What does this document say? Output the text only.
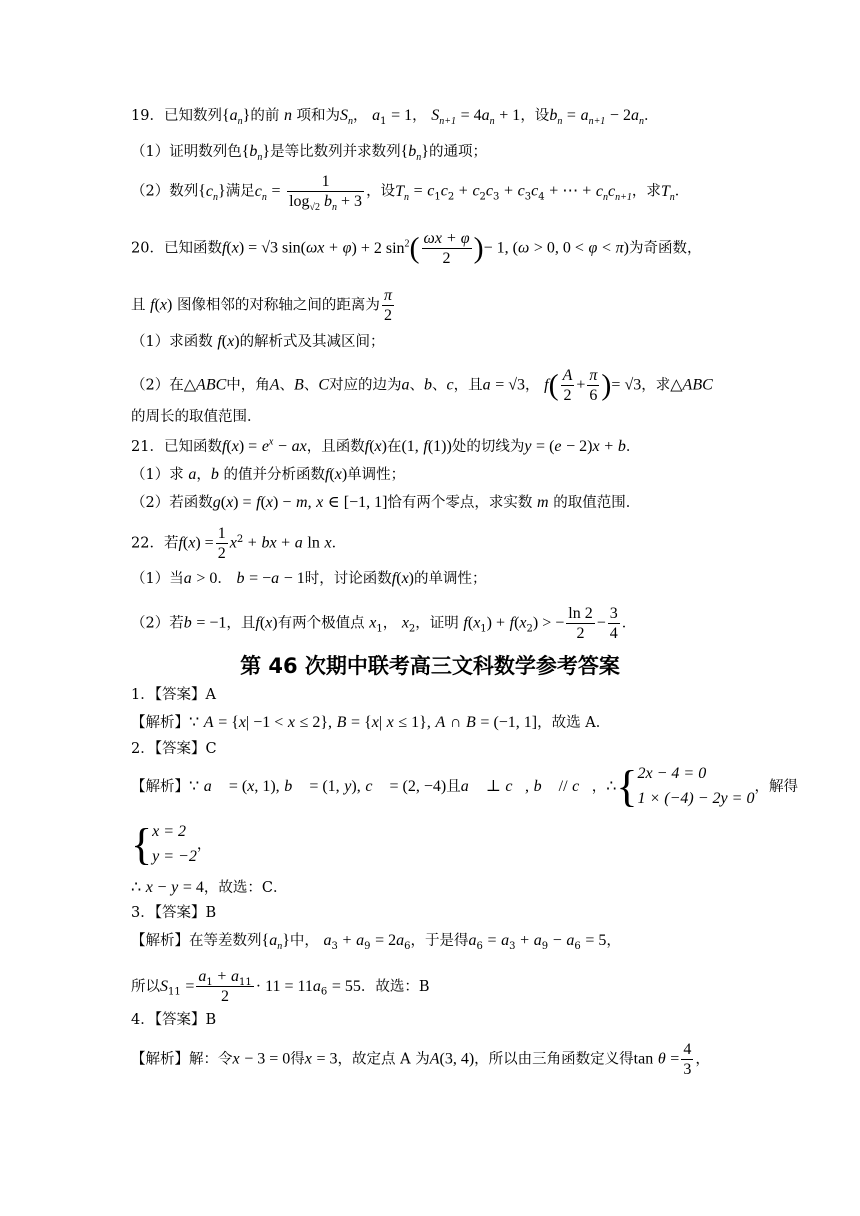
19．已知数列$\{a_n\}$的前 n 项和为$S_n$， $a_1 = 1$， $S_{n+1} = 4a_n + 1$，设$b_n = a_{n+1} - 2a_n$．
（1）证明数列色$\{b_n\}$是等比数列并求数列$\{b_n\}$的通项；
（2）数列$\{c_n\}$满足$c_n = \frac{1}{\log_{√2} b_n + 3}$ ，设$T_n = c_1c_2 + c_2c_3 + c_3c_4$ + ⋯ + $c_nc_{n+1}$，求$T_n$．
20．已知函数f(x) = √3 sin(ωx + φ) + 2 $\sin^2( \frac{\omega x + \varphi}{2}$ )− 1, (ω > 0, 0 < φ < π)为奇函数，
且 f(x) 图像相邻的对称轴之间的距离为 $\frac{\pi}{2}$
（1）求函数 f(x)的解析式及其减区间；
（2）在△ABC中，角A、B、C对应的边为a、b、c，且a = √3， $f( \frac{A}{2} + \frac{\pi}{6}$ )= √3，求△ABC
的周长的取值范围．
21．已知函数$f(x) = e^x$ − ax，且函数f(x)在(1, f(1))处的切线为y = (e − 2)x + b．
（1）求 a，b 的值并分析函数f(x)单调性；
（2）若函数g(x) = f(x) − m, x ∈ [−1, 1]恰有两个零点，求实数 m 的取值范围．
22．若$f(x) = \frac{1}{2} x^2$ + bx + a ln x．
（1）当a > 0． b = −a − 1时，讨论函数f(x)的单调性；
（2）若b = −1，且f(x)有两个极值点 $x_1$， $x_2$，证明 $f(x_1) + f(x_2)$ > − $\frac{\ln 2}{2} - \frac{3}{4}$ ．
第 46 次期中联考高三文科数学参考答案
1．【答案】A
【解析】∵ A = {x| −1 < x ≤ 2}, B = {x| x ≤ 1}, A ∩ B = (−1, 1]，故选 A．
2．【答案】C
【解析】∵ a⃗ = (x, 1), b⃗ = (1, y), c⃗ = (2, −4)且a⃗ ⊥ c⃗, b⃗ // c⃗，∴{ 2x − 4 = 0
1 × (−4) − 2y = 0
，解得
{ x = 2
y = −2
，
∴ x − y = 4，故选：C．
3．【答案】B
【解析】在等差数列$\{a_n\}$中， $a_3 + a_9 = 2a_6$，于是得$a_6 = a_3 + a_9 - a_6 = 5$，
所以$S_{11} = \frac{a_1 + a_{11}}{2} \cdot 11 = 11a_6 = 55$．故选：B
4．【答案】B
【解析】解：令x − 3 = 0得x = 3，故定点 A 为A(3, 4)，所以由三角函数定义得$\tan \theta = \frac{4}{3}$ ，
